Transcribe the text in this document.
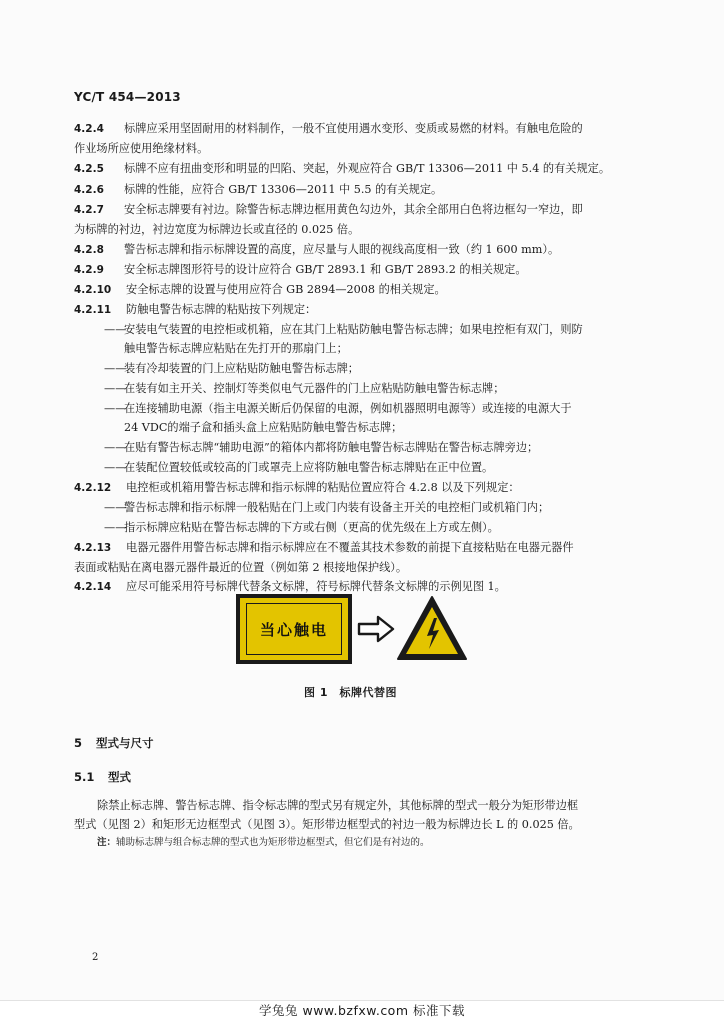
YC/T 454—2013

4.2.4 标牌应采用坚固耐用的材料制作，一般不宜使用遇水变形、变质或易燃的材料。有触电危险的
作业场所应使用绝缘材料。

4.2.5 标牌不应有扭曲变形和明显的凹陷、突起，外观应符合 GB/T 13306—2011 中 5.4 的有关规定。

4.2.6 标牌的性能，应符合 GB/T 13306—2011 中 5.5 的有关规定。

4.2.7 安全标志牌要有衬边。除警告标志牌边框用黄色勾边外，其余全部用白色将边框勾一窄边，即
为标牌的衬边，衬边宽度为标牌边长或直径的 0.025 倍。

4.2.8 警告标志牌和指示标牌设置的高度，应尽量与人眼的视线高度相一致（约 1 600 mm）。

4.2.9 安全标志牌图形符号的设计应符合 GB/T 2893.1 和 GB/T 2893.2 的相关规定。

4.2.10 安全标志牌的设置与使用应符合 GB 2894—2008 的相关规定。

4.2.11 防触电警告标志牌的粘贴按下列规定：

——
安装电气装置的电控柜或机箱，应在其门上粘贴防触电警告标志牌；如果电控柜有双门，则防
触电警告标志牌应粘贴在先打开的那扇门上；

——
装有冷却装置的门上应粘贴防触电警告标志牌；

——
在装有如主开关、控制灯等类似电气元器件的门上应粘贴防触电警告标志牌；

——
在连接辅助电源（指主电源关断后仍保留的电源，例如机器照明电源等）或连接的电源大于
24 VDC的端子盒和插头盒上应粘贴防触电警告标志牌；

——
在贴有警告标志牌“辅助电源”的箱体内都将防触电警告标志牌贴在警告标志牌旁边；

——
在装配位置较低或较高的门或罩壳上应将防触电警告标志牌贴在正中位置。

4.2.12 电控柜或机箱用警告标志牌和指示标牌的粘贴位置应符合 4.2.8 以及下列规定：

——
警告标志牌和指示标牌一般粘贴在门上或门内装有设备主开关的电控柜门或机箱门内；

——
指示标牌应粘贴在警告标志牌的下方或右侧（更高的优先级在上方或左侧）。

4.2.13 电器元器件用警告标志牌和指示标牌应在不覆盖其技术参数的前提下直接粘贴在电器元器件
表面或粘贴在离电器元器件最近的位置（例如第 2 根接地保护线）。

4.2.14 应尽可能采用符号标牌代替条文标牌，符号标牌代替条文标牌的示例见图 1。

当心触电
图 1　标牌代替图
5 型式与尺寸
5.1 型式

除禁止标志牌、警告标志牌、指令标志牌的型式另有规定外，其他标牌的型式一般分为矩形带边框
型式（见图 2）和矩形无边框型式（见图 3）。矩形带边框型式的衬边一般为标牌边长 L 的 0.025 倍。

注：辅助标志牌与组合标志牌的型式也为矩形带边框型式，但它们是有衬边的。

2
学兔兔 www.bzfxw.com 标准下载
